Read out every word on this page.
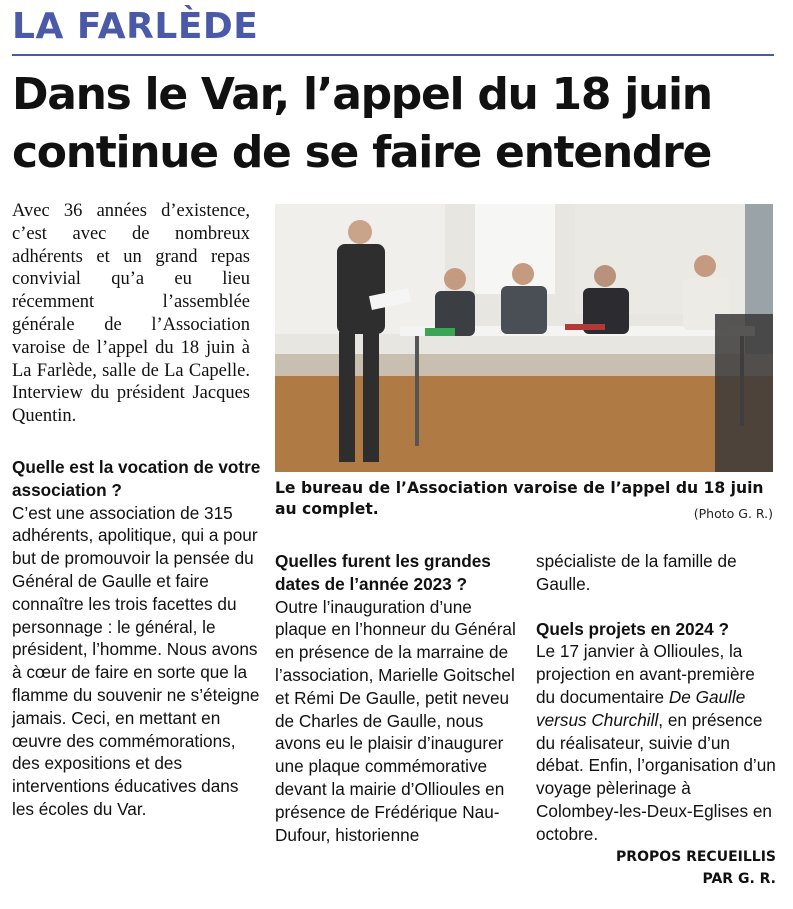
LA FARLÈDE
Dans le Var, l’appel du 18 juin
continue de se faire entendre
Avec 36 années d’existence, c’est avec de nombreux adhérents et un grand repas convivial qu’a eu lieu récemment l’assemblée générale de l’Association varoise de l’appel du 18 juin à La Farlède, salle de La Capelle. Interview du président Jacques Quentin.

Quelle est la vocation de votre association ?

C’est une association de 315 adhérents, apolitique, qui a pour but de promouvoir la pensée du Général de Gaulle et faire connaître les trois facettes du personnage : le général, le président, l’homme. Nous avons à cœur de faire en sorte que la flamme du souvenir ne s’éteigne jamais. Ceci, en mettant en œuvre des commémorations, des expositions et des interventions éducatives dans les écoles du Var.

Le bureau de l’Association varoise de l’appel du 18 juin au complet.	(Photo G. R.)

Quelles furent les grandes dates de l’année 2023 ?

Outre l’inauguration d’une plaque en l’honneur du Général en présence de la marraine de l’association, Marielle Goitschel et Rémi De Gaulle, petit neveu de Charles de Gaulle, nous avons eu le plaisir d’inaugurer une plaque commémorative devant la mairie d’Ollioules en présence de Frédérique Nau-Dufour, historienne

spécialiste de la famille de Gaulle.

Quels projets en 2024 ?

Le 17 janvier à Ollioules, la projection en avant-première du documentaire De Gaulle versus Churchill, en présence du réalisateur, suivie d’un débat. Enfin, l’organisation d’un voyage pèlerinage à Colombey-les-Deux-Eglises en octobre.

PROPOS RECUEILLIS
PAR G. R.
